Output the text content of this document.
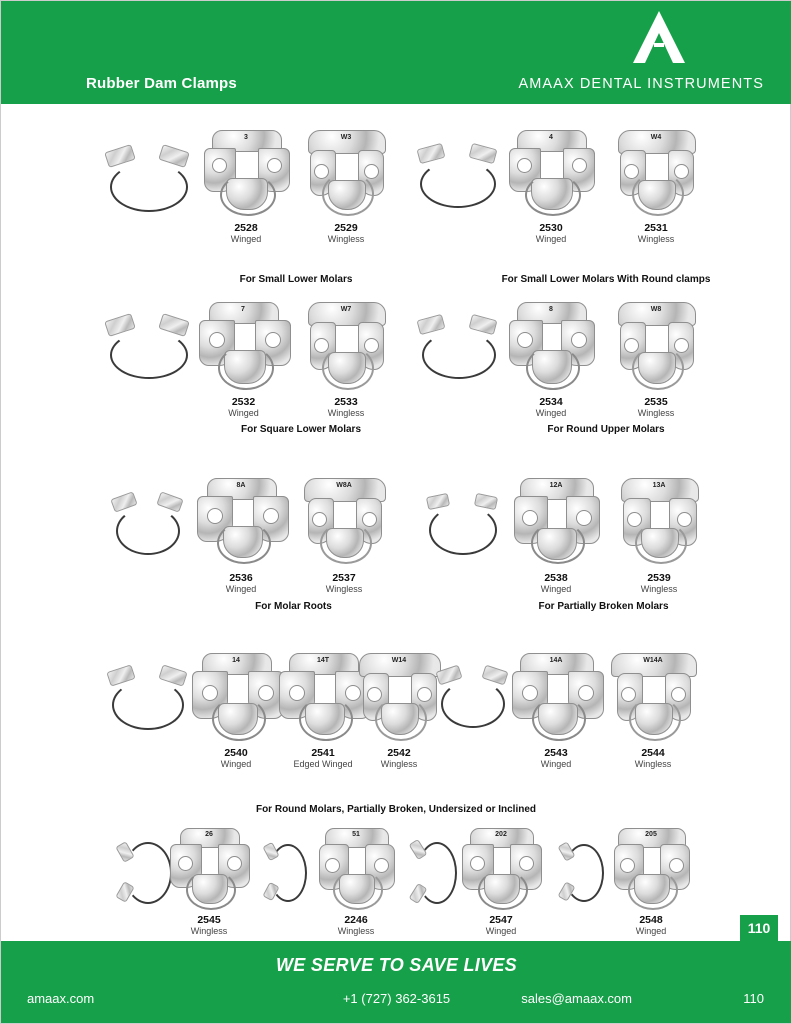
Rubber Dam Clamps	AMAAX DENTAL INSTRUMENTS
3
2528
Winged
W3
2529
Wingless
4
2530
Winged
W4
2531
Wingless
For Small Lower Molars	For Small Lower Molars With Round clamps
7
2532
Winged
W7
2533
Wingless
8
2534
Winged
W8
2535
Wingless
For Square Lower Molars	For Round Upper Molars
8A
2536
Winged
W8A
2537
Wingless
12A
2538
Winged
13A
2539
Wingless
For Molar Roots	For Partially Broken Molars
14
2540
Winged
14T
2541
Edged Winged
W14
2542
Wingless
14A
2543
Winged
W14A
2544
Wingless
For Round Molars, Partially Broken, Undersized or Inclined
26
2545
Wingless
51
2246
Wingless
202
2547
Winged
205
2548
Winged	110
WE SERVE TO SAVE LIVES
amaax.com	+1 (727) 362-3615	sales@amaax.com	110
